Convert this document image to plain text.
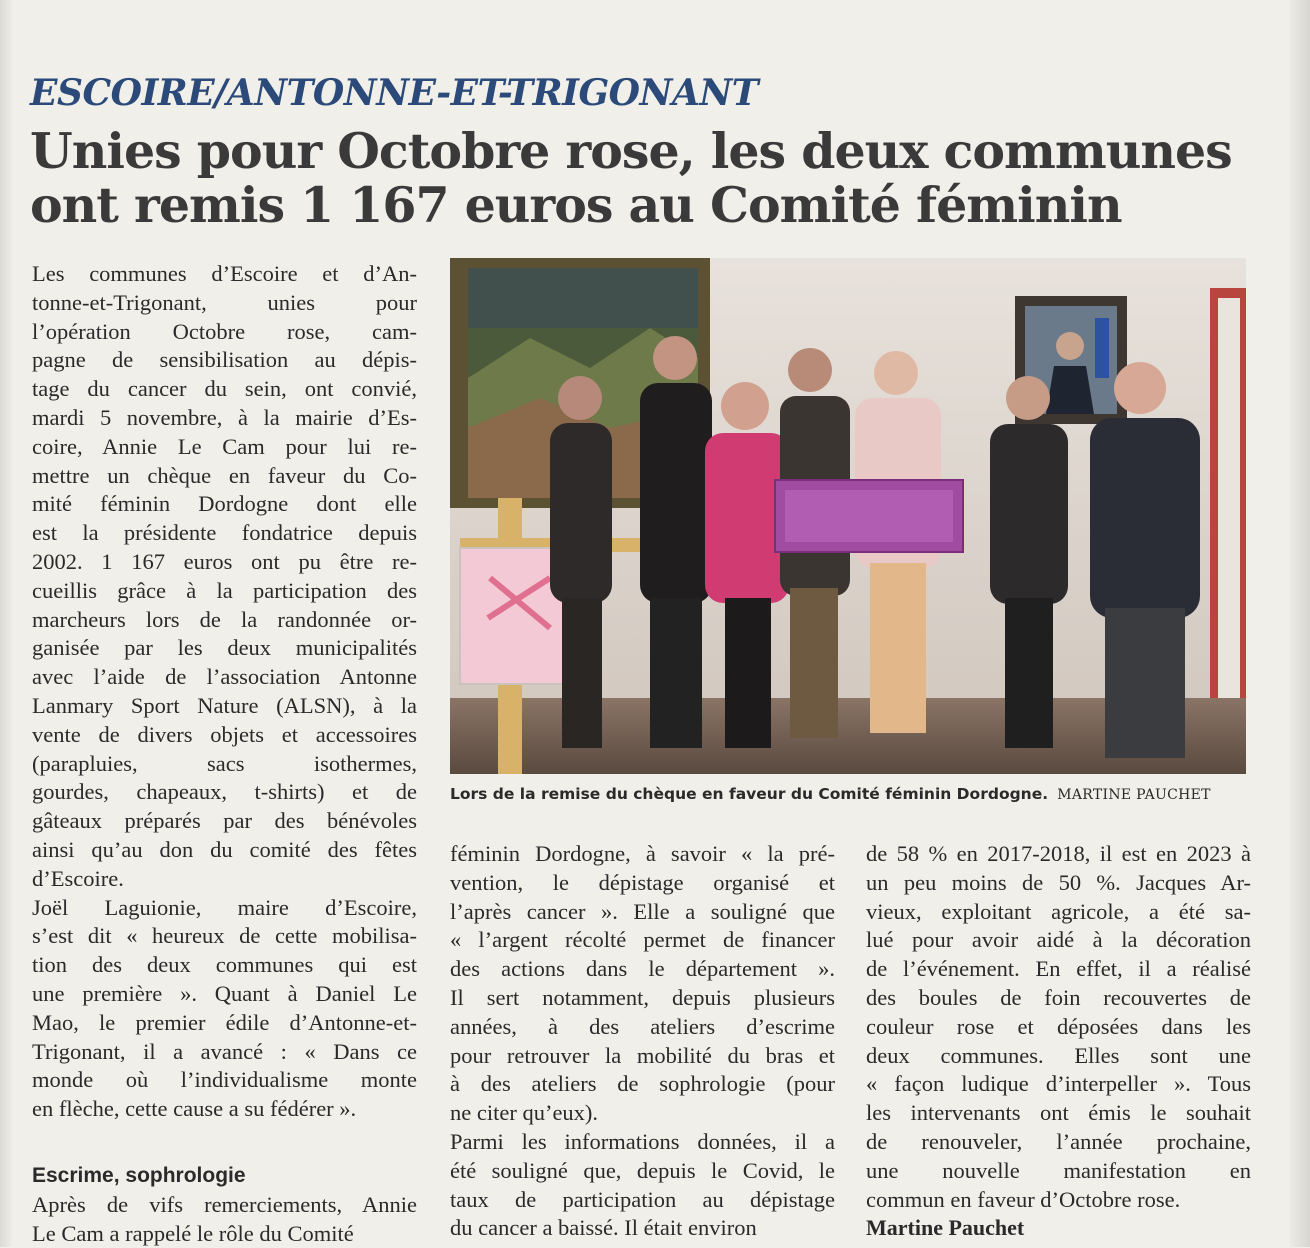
ESCOIRE/ANTONNE-ET-TRIGONANT
Unies pour Octobre rose, les deux communes
ont remis 1 167 euros au Comité féminin
Lors de la remise du chèque en faveur du Comité féminin Dordogne. MARTINE PAUCHET
Les communes d’Escoire et d’An-
tonne-et-Trigonant, unies pour
l’opération Octobre rose, cam-
pagne de sensibilisation au dépis-
tage du cancer du sein, ont convié,
mardi 5 novembre, à la mairie d’Es-
coire, Annie Le Cam pour lui re-
mettre un chèque en faveur du Co-
mité féminin Dordogne dont elle
est la présidente fondatrice depuis
2002. 1 167 euros ont pu être re-
cueillis grâce à la participation des
marcheurs lors de la randonnée or-
ganisée par les deux municipalités
avec l’aide de l’association Antonne
Lanmary Sport Nature (ALSN), à la
vente de divers objets et accessoires
(parapluies, sacs isothermes,
gourdes, chapeaux, t-shirts) et de
gâteaux préparés par des bénévoles
ainsi qu’au don du comité des fêtes
d’Escoire.
Joël Laguionie, maire d’Escoire,
s’est dit « heureux de cette mobilisa-
tion des deux communes qui est
une première ». Quant à Daniel Le
Mao, le premier édile d’Antonne-et-
Trigonant, il a avancé : « Dans ce
monde où l’individualisme monte
en flèche, cette cause a su fédérer ».
Escrime, sophrologie
Après de vifs remerciements, Annie
Le Cam a rappelé le rôle du Comité
féminin Dordogne, à savoir « la pré-
vention, le dépistage organisé et
l’après cancer ». Elle a souligné que
« l’argent récolté permet de financer
des actions dans le département ».
Il sert notamment, depuis plusieurs
années, à des ateliers d’escrime
pour retrouver la mobilité du bras et
à des ateliers de sophrologie (pour
ne citer qu’eux).
Parmi les informations données, il a
été souligné que, depuis le Covid, le
taux de participation au dépistage
du cancer a baissé. Il était environ
de 58 % en 2017-2018, il est en 2023 à
un peu moins de 50 %. Jacques Ar-
vieux, exploitant agricole, a été sa-
lué pour avoir aidé à la décoration
de l’événement. En effet, il a réalisé
des boules de foin recouvertes de
couleur rose et déposées dans les
deux communes. Elles sont une
« façon ludique d’interpeller ». Tous
les intervenants ont émis le souhait
de renouveler, l’année prochaine,
une nouvelle manifestation en
commun en faveur d’Octobre rose.
Martine Pauchet
